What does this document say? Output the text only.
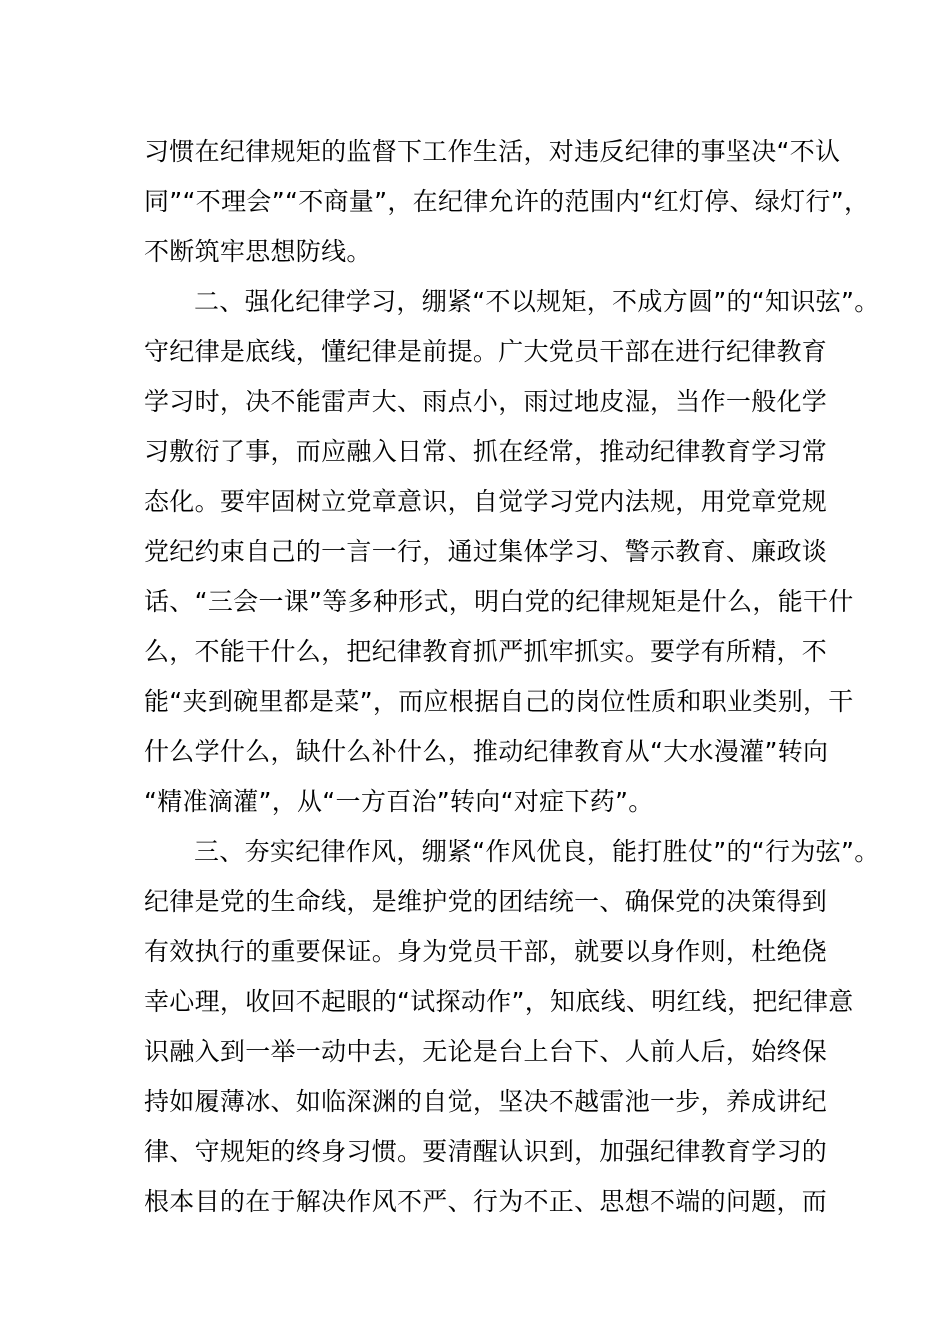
习惯在纪律规矩的监督下工作生活，对违反纪律的事坚决“不认
同”“不理会”“不商量”，在纪律允许的范围内“红灯停、绿灯行”，
不断筑牢思想防线。
二、强化纪律学习，绷紧“不以规矩，不成方圆”的“知识弦”。
守纪律是底线，懂纪律是前提。广大党员干部在进行纪律教育
学习时，决不能雷声大、雨点小，雨过地皮湿，当作一般化学
习敷衍了事，而应融入日常、抓在经常，推动纪律教育学习常
态化。要牢固树立党章意识，自觉学习党内法规，用党章党规
党纪约束自己的一言一行，通过集体学习、警示教育、廉政谈
话、“三会一课”等多种形式，明白党的纪律规矩是什么，能干什
么，不能干什么，把纪律教育抓严抓牢抓实。要学有所精，不
能“夹到碗里都是菜”，而应根据自己的岗位性质和职业类别，干
什么学什么，缺什么补什么，推动纪律教育从“大水漫灌”转向
“精准滴灌”，从“一方百治”转向“对症下药”。
三、夯实纪律作风，绷紧“作风优良，能打胜仗”的“行为弦”。
纪律是党的生命线，是维护党的团结统一、确保党的决策得到
有效执行的重要保证。身为党员干部，就要以身作则，杜绝侥
幸心理，收回不起眼的“试探动作”，知底线、明红线，把纪律意
识融入到一举一动中去，无论是台上台下、人前人后，始终保
持如履薄冰、如临深渊的自觉，坚决不越雷池一步，养成讲纪
律、守规矩的终身习惯。要清醒认识到，加强纪律教育学习的
根本目的在于解决作风不严、行为不正、思想不端的问题，而
